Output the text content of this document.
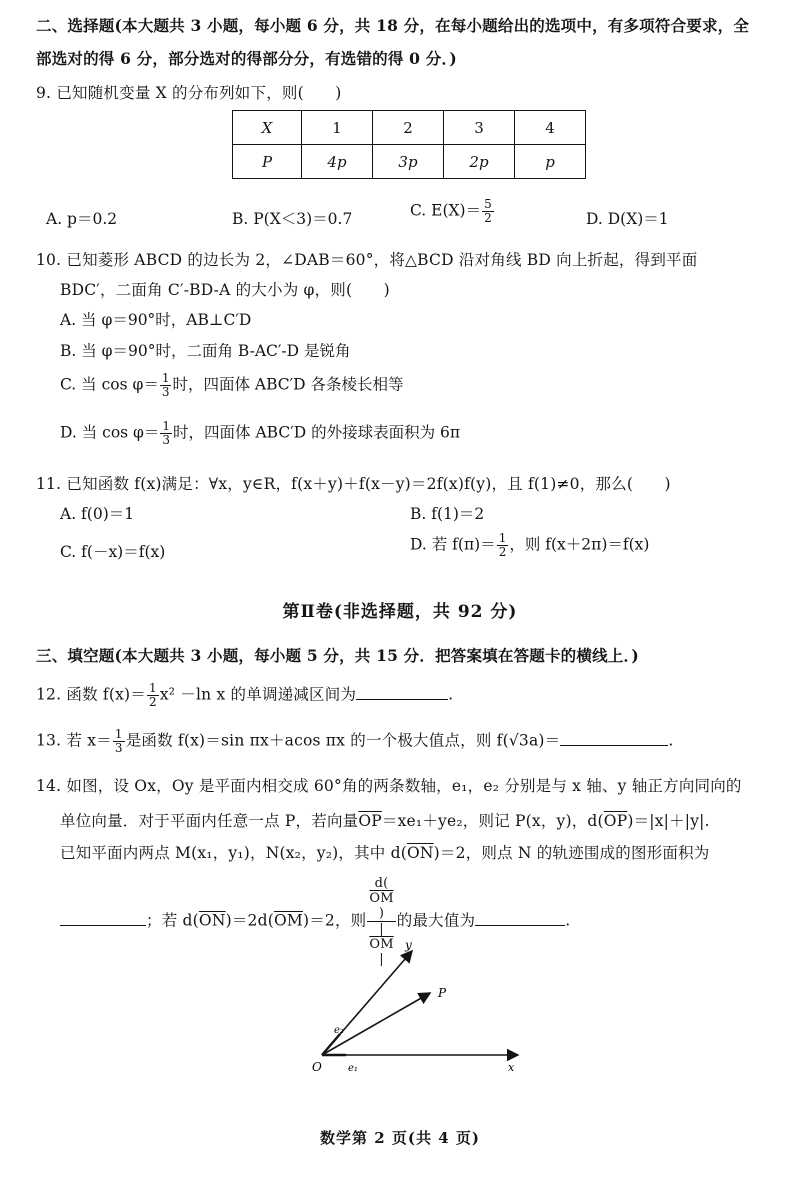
二、选择题(本大题共 3 小题，每小题 6 分，共 18 分，在每小题给出的选项中，有多项符合要求，全
部选对的得 6 分，部分选对的得部分分，有选错的得 0 分．)
9. 已知随机变量 X 的分布列如下，则(　　)
X	1	2	3	4
P	4p	3p	2p	p
A. p＝0.2	B. P(X＜3)＝0.7	C. $E(X)= \frac{5}{2}$	D. D(X)＝1
10. 已知菱形 ABCD 的边长为 2，∠DAB＝60°，将△BCD 沿对角线 BD 向上折起，得到平面
BDC′，二面角 C′-BD-A 的大小为 φ，则(　　)
A. 当 φ＝90°时，AB⊥C′D
B. 当 φ＝90°时，二面角 B-AC′-D 是锐角
C. 当 $\cos \varphi= \frac{1}{3}$ 时，四面体 ABC′D 各条棱长相等
D. 当 $\cos \varphi= \frac{1}{3}$ 时，四面体 ABC′D 的外接球表面积为 6π
11. 已知函数 f(x)满足：∀x，y∈R，f(x＋y)＋f(x－y)＝2f(x)f(y)，且 f(1)≠0，那么(　　)
A. f(0)＝1	B. f(1)＝2
C. f(－x)＝f(x)	D. 若 $f(\pi)= \frac{1}{2}$ ，则 f(x＋2π)＝f(x)
第Ⅱ卷(非选择题，共 92 分)
三、填空题(本大题共 3 小题，每小题 5 分，共 15 分．把答案填在答题卡的横线上．)
12. 函数 $f(x)= \frac{1}{2} x^2 -\ln$ x 的单调递减区间为	.
13. 若 $x= \frac{1}{3}$ 是函数 f(x)＝sin πx＋acos πx 的一个极大值点，则 f(√3a)＝	.
14. 如图，设 Ox，Oy 是平面内相交成 60°角的两条数轴，e₁，e₂ 分别是与 x 轴、y 轴正方向同向的
单位向量．对于平面内任意一点 P，若向量$\overline{OP}=xe_1+ye_2$，则记 P(x，y)，$d(\overline{OP})=|x|+|y|$.
已知平面内两点 M(x₁，y₁)，N(x₂，y₂)，其中 $d(\overline{ON})=2$，则点 N 的轨迹围成的图形面积为
；若 $d(\overline{ON})=2d(\overline{OM})=2$，则 d(
$\overline{OM}$
)
|
$\overline{OM}$
| 的最大值为	.
y
P
e₂
O	e₁	x
数学第 2 页(共 4 页)
